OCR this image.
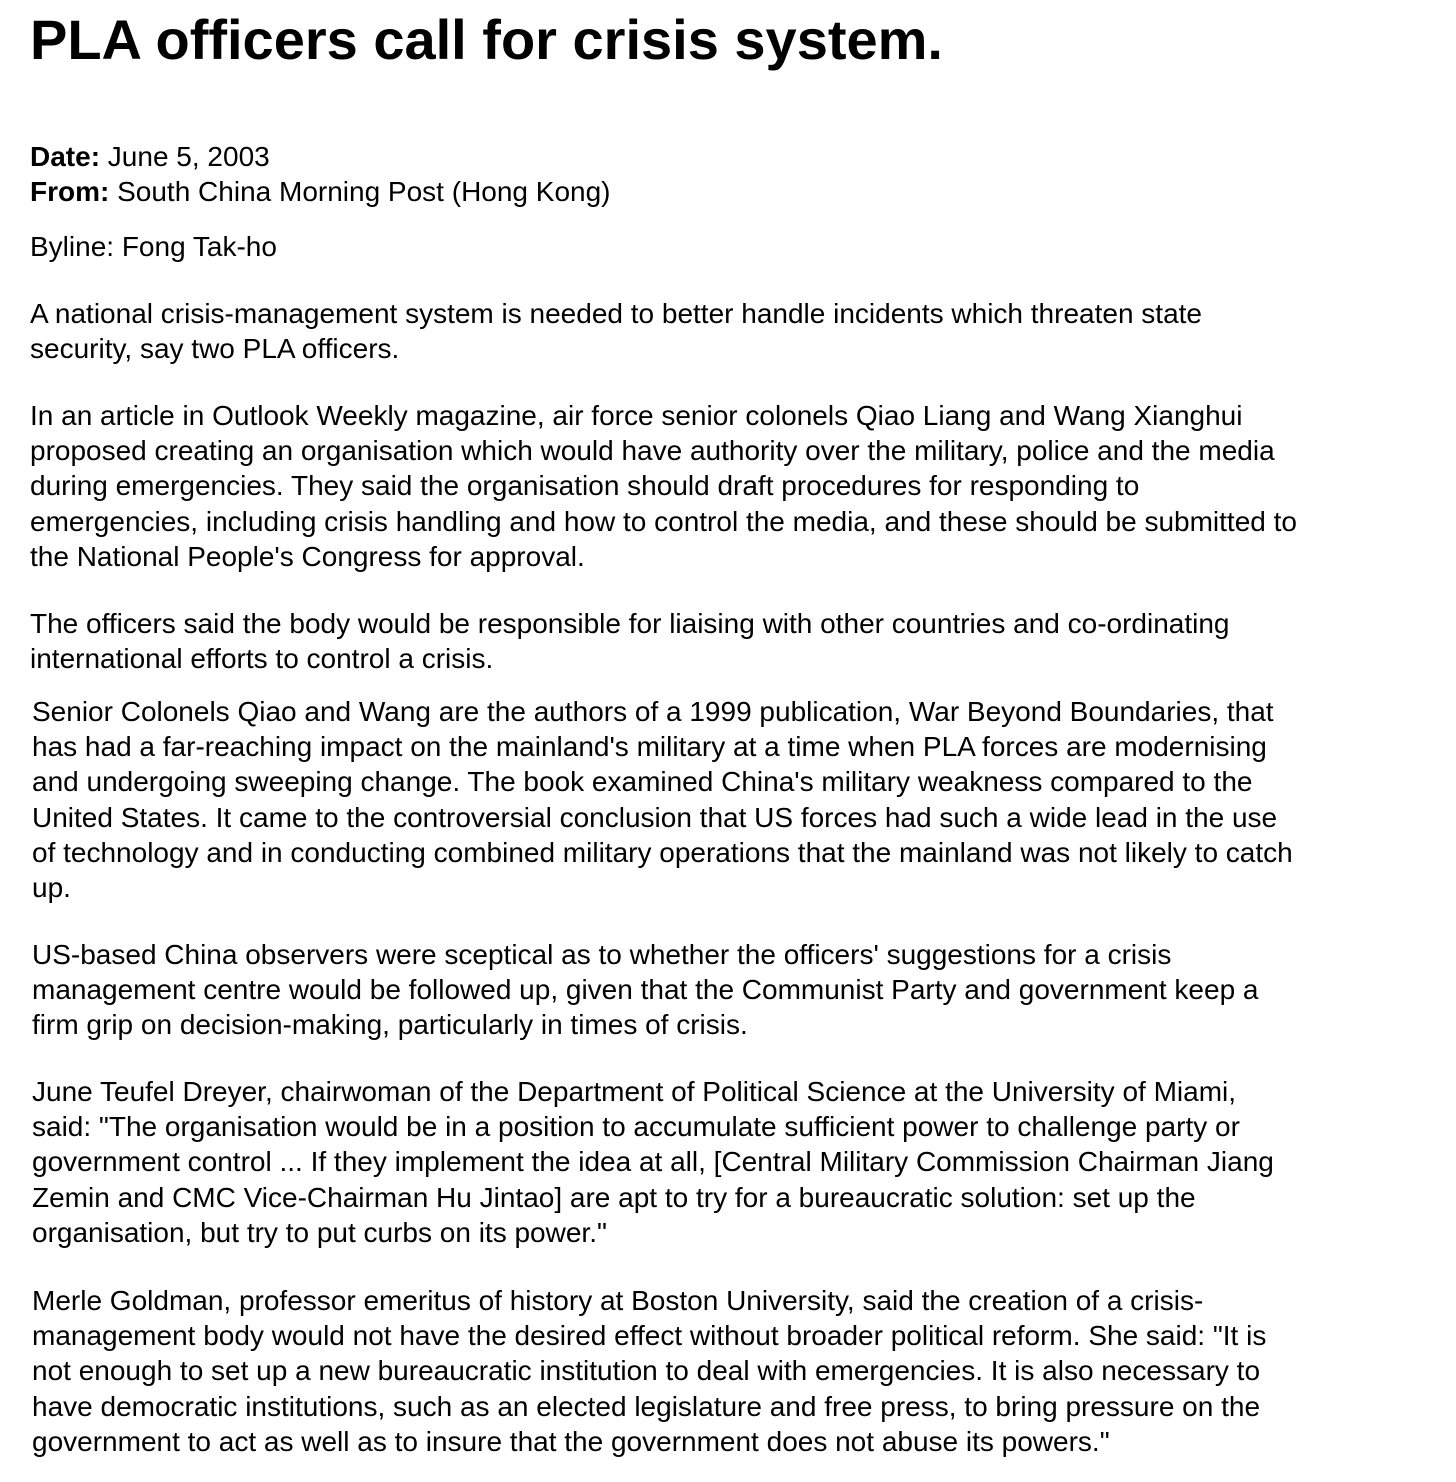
PLA officers call for crisis system.
Date: June 5, 2003
From: South China Morning Post (Hong Kong)
Byline: Fong Tak-ho

A national crisis-management system is needed to better handle incidents which threaten state
security, say two PLA officers.

In an article in Outlook Weekly magazine, air force senior colonels Qiao Liang and Wang Xianghui
proposed creating an organisation which would have authority over the military, police and the media
during emergencies. They said the organisation should draft procedures for responding to
emergencies, including crisis handling and how to control the media, and these should be submitted to
the National People's Congress for approval.

The officers said the body would be responsible for liaising with other countries and co-ordinating
international efforts to control a crisis.

Senior Colonels Qiao and Wang are the authors of a 1999 publication, War Beyond Boundaries, that
has had a far-reaching impact on the mainland's military at a time when PLA forces are modernising
and undergoing sweeping change. The book examined China's military weakness compared to the
United States. It came to the controversial conclusion that US forces had such a wide lead in the use
of technology and in conducting combined military operations that the mainland was not likely to catch
up.

US-based China observers were sceptical as to whether the officers' suggestions for a crisis
management centre would be followed up, given that the Communist Party and government keep a
firm grip on decision-making, particularly in times of crisis.

June Teufel Dreyer, chairwoman of the Department of Political Science at the University of Miami,
said: "The organisation would be in a position to accumulate sufficient power to challenge party or
government control ... If they implement the idea at all, [Central Military Commission Chairman Jiang
Zemin and CMC Vice-Chairman Hu Jintao] are apt to try for a bureaucratic solution: set up the
organisation, but try to put curbs on its power."

Merle Goldman, professor emeritus of history at Boston University, said the creation of a crisis-
management body would not have the desired effect without broader political reform. She said: "It is
not enough to set up a new bureaucratic institution to deal with emergencies. It is also necessary to
have democratic institutions, such as an elected legislature and free press, to bring pressure on the
government to act as well as to insure that the government does not abuse its powers."
